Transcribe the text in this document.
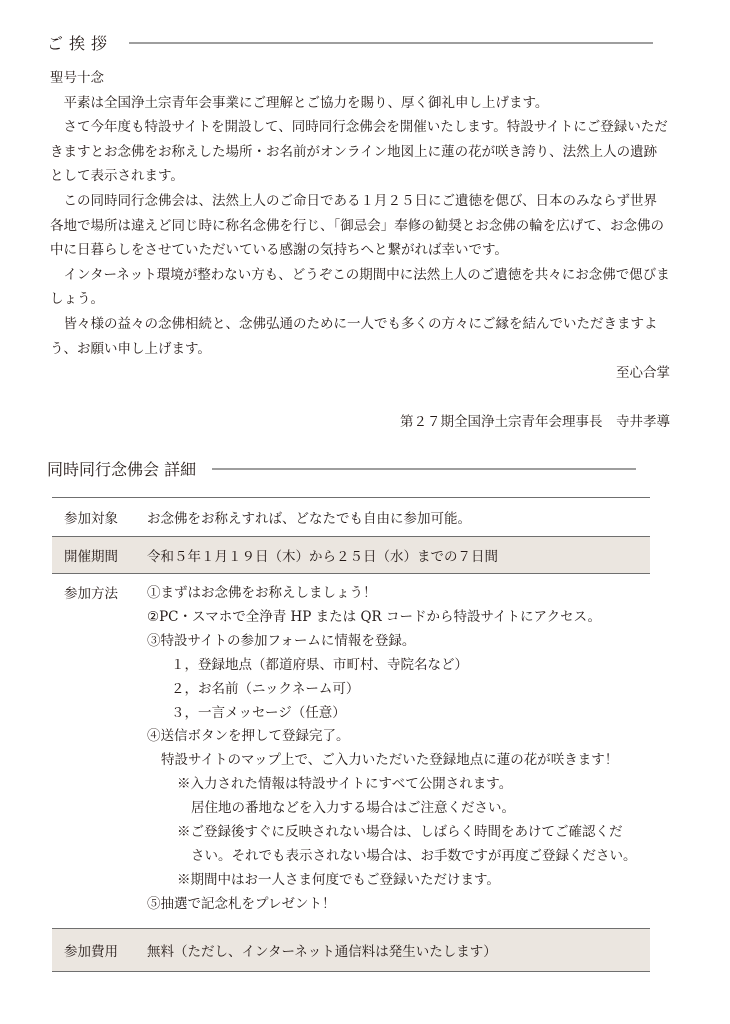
ご挨拶

聖号十念

平素は全国浄土宗青年会事業にご理解とご協力を賜り、厚く御礼申し上げます。

さて今年度も特設サイトを開設して、同時同行念佛会を開催いたします。特設サイトにご登録いただきますとお念佛をお称えした場所・お名前がオンライン地図上に蓮の花が咲き誇り、法然上人の遺跡として表示されます。

この同時同行念佛会は、法然上人のご命日である１月２５日にご遺徳を偲び、日本のみならず世界各地で場所は違えど同じ時に称名念佛を行じ、「御忌会」奉修の勧奨とお念佛の輪を広げて、お念佛の中に日暮らしをさせていただいている感謝の気持ちへと繋がれば幸いです。

インターネット環境が整わない方も、どうぞこの期間中に法然上人のご遺徳を共々にお念佛で偲びましょう。

皆々様の益々の念佛相続と、念佛弘通のために一人でも多くの方々にご縁を結んでいただきますよう、お願い申し上げます。

至心合掌

第２７期全国浄土宗青年会理事長　寺井孝導

同時同行念佛会 詳細
参加対象	お念佛をお称えすれば、どなたでも自由に参加可能。
開催期間	令和５年１月１９日（木）から２５日（水）までの７日間
参加方法	①まずはお念佛をお称えしましょう！
②PC・スマホで全浄青 HP または QR コードから特設サイトにアクセス。
③特設サイトの参加フォームに情報を登録。
１，登録地点（都道府県、市町村、寺院名など）
２，お名前（ニックネーム可）
３，一言メッセージ（任意）
④送信ボタンを押して登録完了。
特設サイトのマップ上で、ご入力いただいた登録地点に蓮の花が咲きます！
※入力された情報は特設サイトにすべて公開されます。
居住地の番地などを入力する場合はご注意ください。
※ご登録後すぐに反映されない場合は、しばらく時間をあけてご確認くだ
さい。それでも表示されない場合は、お手数ですが再度ご登録ください。
※期間中はお一人さま何度でもご登録いただけます。
⑤抽選で記念札をプレゼント！
参加費用	無料（ただし、インターネット通信料は発生いたします）
